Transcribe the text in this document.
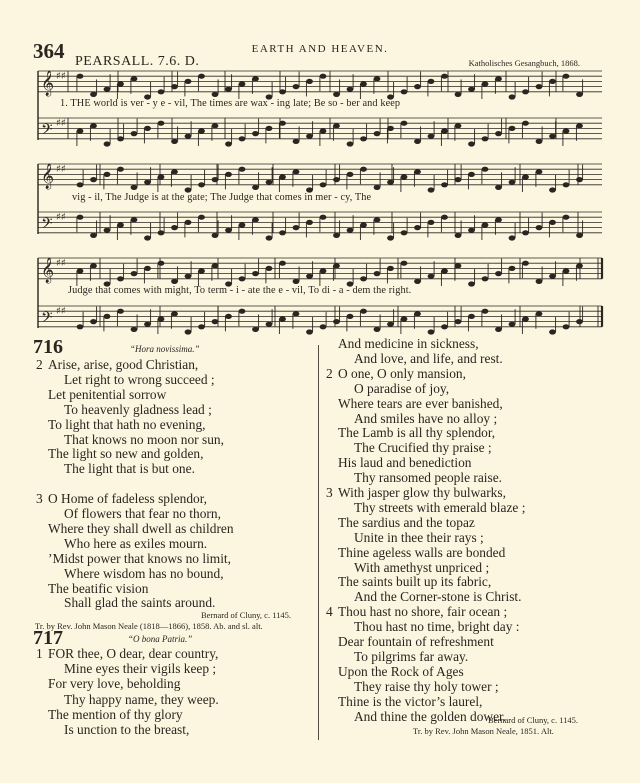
364	EARTH AND HEAVEN.
PEARSALL. 7.6. D.	Katholisches Gesangbuch, 1868.
𝄞 ♯♯
𝄢 ♯♯
𝄞 ♯♯
𝄢 ♯♯
𝄞 ♯♯
𝄢 ♯♯
1. THE world is ver - y e - vil, The times are wax - ing late; Be so - ber and keep
vig - il, The Judge is at the gate; The Judge that comes in mer - cy, The
Judge that comes with might, To term - i - ate the e - vil, To di - a - dem the right.
716	“Hora novissima.”
2 Arise, arise, good Christian,
Let right to wrong succeed ;
Let penitential sorrow
To heavenly gladness lead ;
To light that hath no evening,
That knows no moon nor sun,
The light so new and golden,
The light that is but one.
3 O Home of fadeless splendor,
Of flowers that fear no thorn,
Where they shall dwell as children
Who here as exiles mourn.
’Midst power that knows no limit,
Where wisdom has no bound,
The beatific vision
Shall glad the saints around.
Bernard of Cluny, c. 1145.
Tr. by Rev. John Mason Neale (1818—1866), 1858. Ab. and sl. alt.
717	“O bona Patria.”
1 FOR thee, O dear, dear country,
Mine eyes their vigils keep ;
For very love, beholding
Thy happy name, they weep.
The mention of thy glory
Is unction to the breast,
And medicine in sickness,
And love, and life, and rest.
2 O one, O only mansion,
O paradise of joy,
Where tears are ever banished,
And smiles have no alloy ;
The Lamb is all thy splendor,
The Crucified thy praise ;
His laud and benediction
Thy ransomed people raise.
3 With jasper glow thy bulwarks,
Thy streets with emerald blaze ;
The sardius and the topaz
Unite in thee their rays ;
Thine ageless walls are bonded
With amethyst unpriced ;
The saints built up its fabric,
And the Corner-stone is Christ.
4 Thou hast no shore, fair ocean ;
Thou hast no time, bright day :
Dear fountain of refreshment
To pilgrims far away.
Upon the Rock of Ages
They raise thy holy tower ;
Thine is the victor’s laurel,
And thine the golden dower.
Bernard of Cluny, c. 1145.
Tr. by Rev. John Mason Neale, 1851. Alt.
